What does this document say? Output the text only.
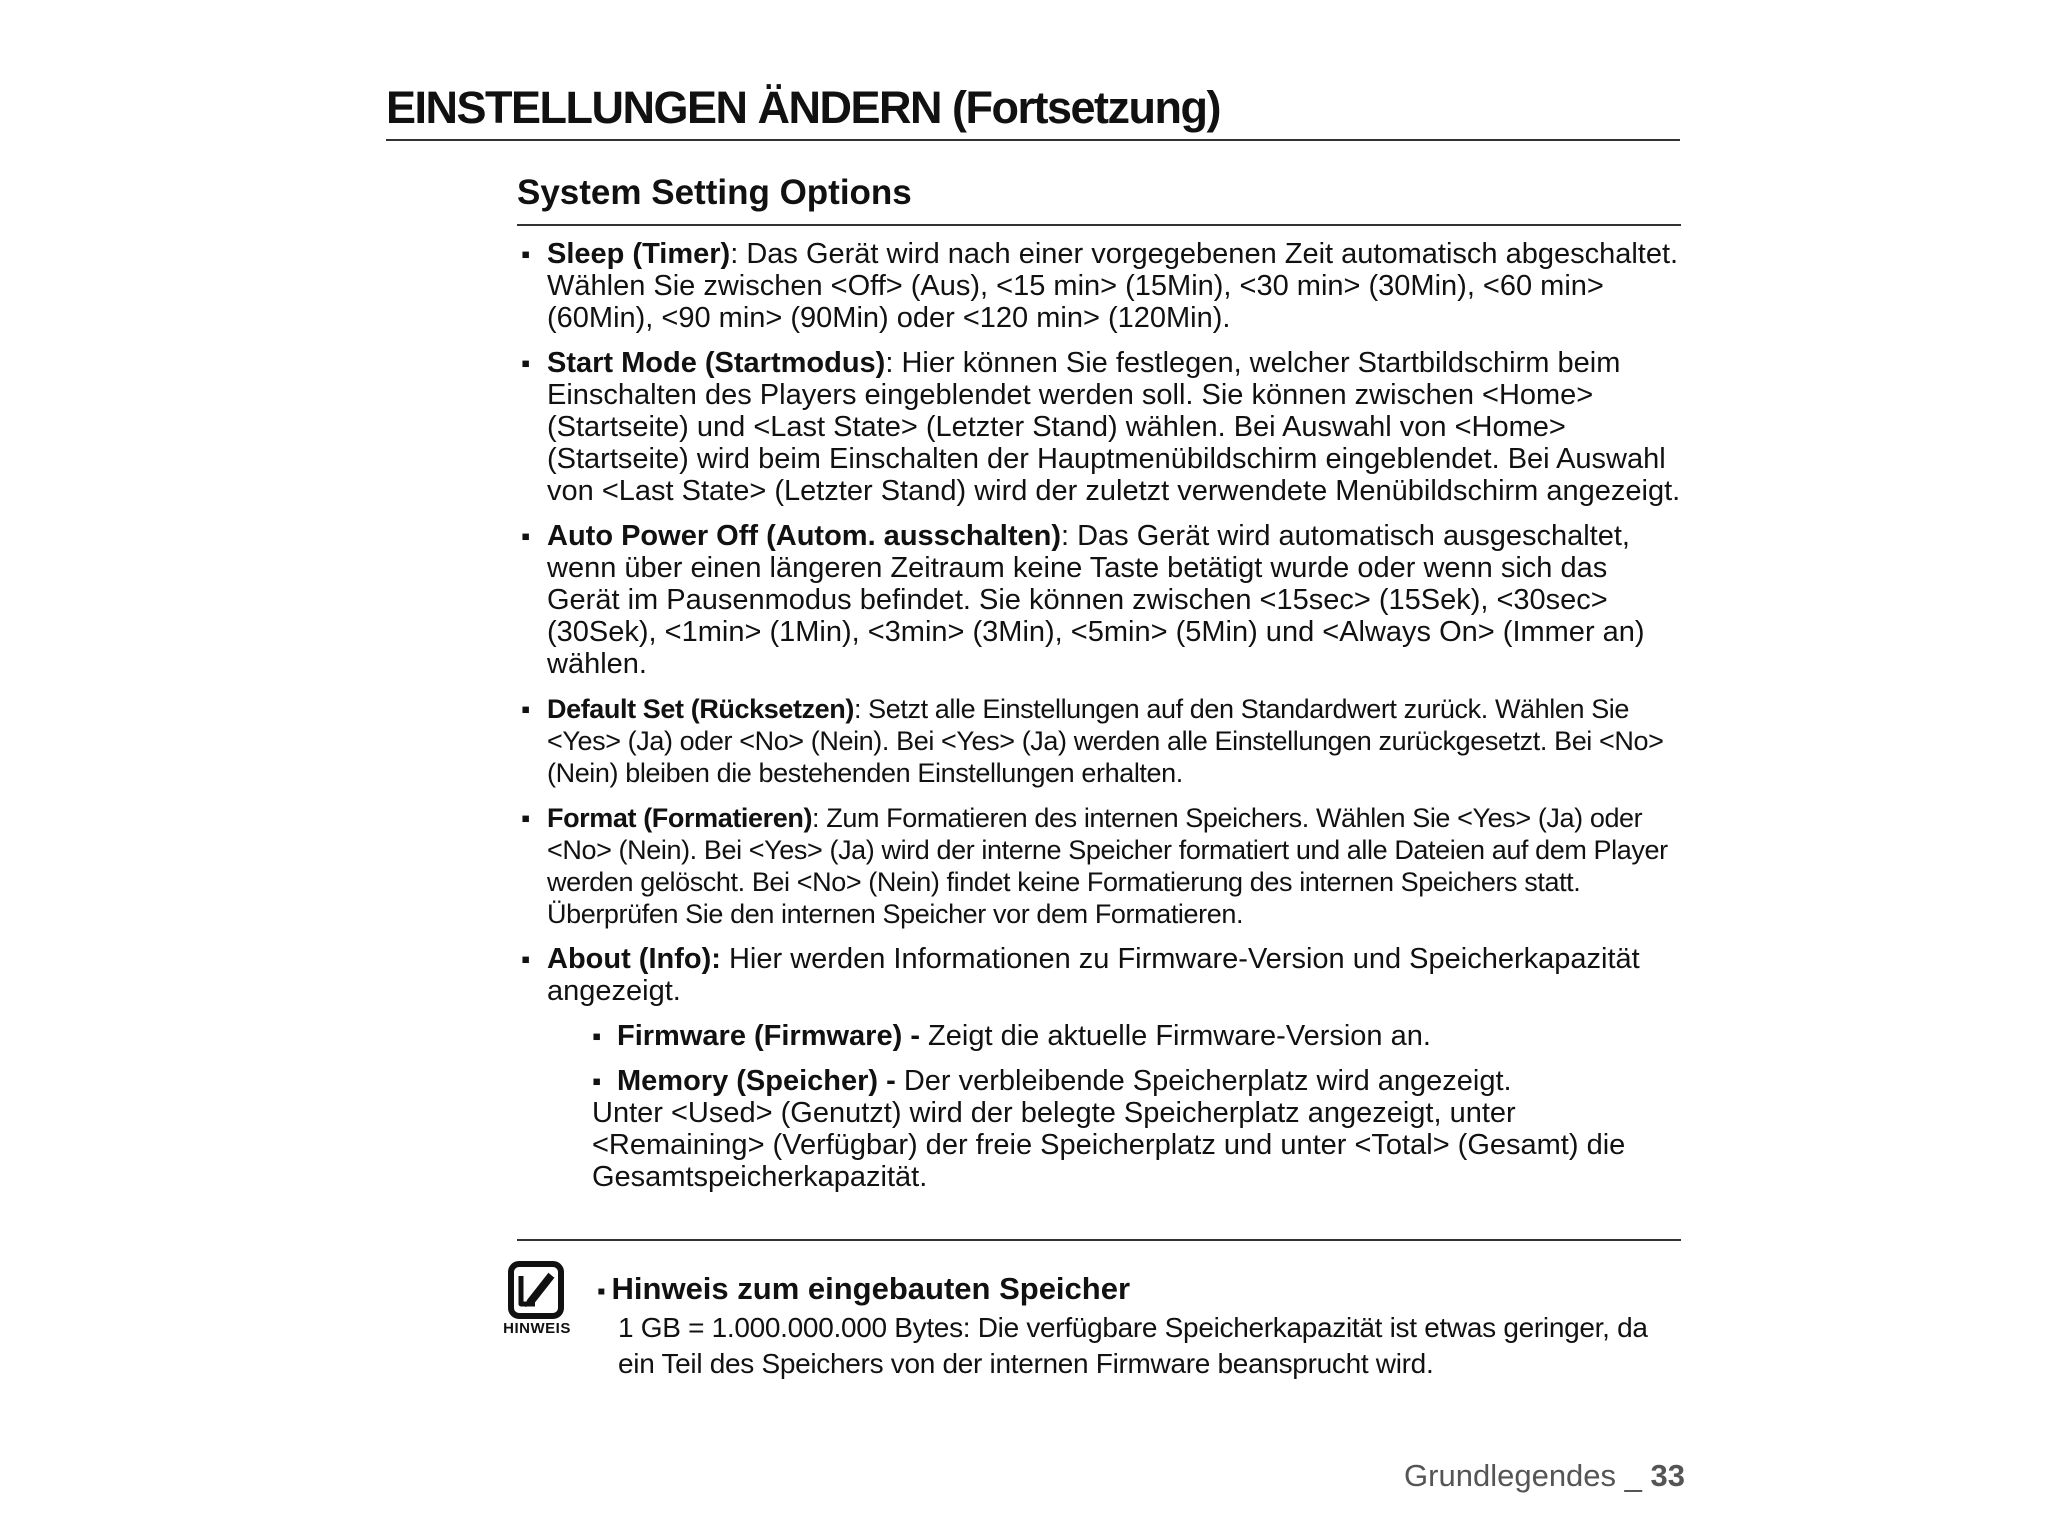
EINSTELLUNGEN ÄNDERN (Fortsetzung)
System Setting Options
▪ Sleep (Timer): Das Gerät wird nach einer vorgegebenen Zeit automatisch abgeschaltet. Wählen Sie zwischen <Off> (Aus), <15 min> (15Min), <30 min> (30Min), <60 min> (60Min), <90 min> (90Min) oder <120 min> (120Min).
▪ Start Mode (Startmodus): Hier können Sie festlegen, welcher Startbildschirm beim Einschalten des Players eingeblendet werden soll. Sie können zwischen <Home> (Startseite) und <Last State> (Letzter Stand) wählen. Bei Auswahl von <Home> (Startseite) wird beim Einschalten der Hauptmenübildschirm eingeblendet. Bei Auswahl von <Last State> (Letzter Stand) wird der zuletzt verwendete Menübildschirm angezeigt.
▪ Auto Power Off (Autom. ausschalten): Das Gerät wird automatisch ausgeschaltet, wenn über einen längeren Zeitraum keine Taste betätigt wurde oder wenn sich das Gerät im Pausenmodus befindet. Sie können zwischen <15sec> (15Sek), <30sec> (30Sek), <1min> (1Min), <3min> (3Min), <5min> (5Min) und <Always On> (Immer an) wählen.
▪ Default Set (Rücksetzen): Setzt alle Einstellungen auf den Standardwert zurück. Wählen Sie <Yes> (Ja) oder <No> (Nein). Bei <Yes> (Ja) werden alle Einstellungen zurückgesetzt. Bei <No> (Nein) bleiben die bestehenden Einstellungen erhalten.
▪ Format (Formatieren): Zum Formatieren des internen Speichers. Wählen Sie <Yes> (Ja) oder <No> (Nein). Bei <Yes> (Ja) wird der interne Speicher formatiert und alle Dateien auf dem Player werden gelöscht. Bei <No> (Nein) findet keine Formatierung des internen Speichers statt. Überprüfen Sie den internen Speicher vor dem Formatieren.
▪ About (Info): Hier werden Informationen zu Firmware-Version und Speicherkapazität angezeigt.
▪ Firmware (Firmware) - Zeigt die aktuelle Firmware-Version an.
▪ Memory (Speicher) - Der verbleibende Speicherplatz wird angezeigt.
Unter <Used> (Genutzt) wird der belegte Speicherplatz angezeigt, unter <Remaining> (Verfügbar) der freie Speicherplatz und unter <Total> (Gesamt) die Gesamtspeicherkapazität.
HINWEIS
▪ Hinweis zum eingebauten Speicher
1 GB = 1.000.000.000 Bytes: Die verfügbare Speicherkapazität ist etwas geringer, da ein Teil des Speichers von der internen Firmware beansprucht wird.
Grundlegendes _ 33
